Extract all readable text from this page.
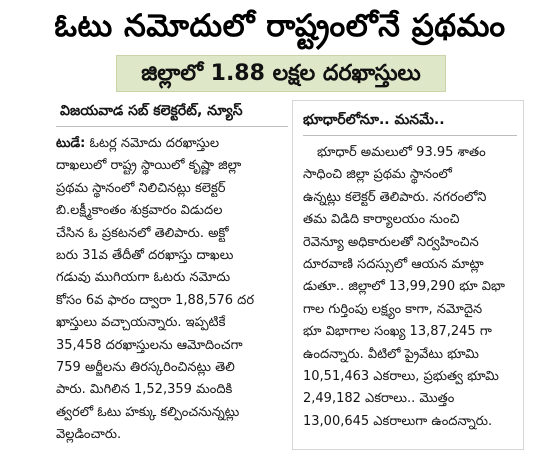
ఓటు నమోదులో రాష్ట్రంలోనే ప్రథమం
జిల్లాలో 1.88 లక్షల దరఖాస్తులు
విజయవాడ సబ్ కలెక్టరేట్, న్యూస్
టుడే: ఓటర్ల నమోదు దరఖాస్తుల
దాఖలులో రాష్ట్ర స్థాయిలో కృష్ణా జిల్లా
ప్రథమ స్థానంలో నిలిచినట్లు కలెక్టర్
బి.లక్ష్మీకాంతం శుక్రవారం విడుదల
చేసిన ఓ ప్రకటనలో తెలిపారు. అక్టో
బరు 31వ తేదీతో దరఖాస్తు దాఖలు
గడువు ముగియగా ఓటరు నమోదు
కోసం 6వ ఫారం ద్వారా 1,88,576 దర
ఖాస్తులు వచ్చాయన్నారు. ఇప్పటికే
35,458 దరఖాస్తులను ఆమోదించగా
759 అర్జీలను తిరస్కరించినట్లు తెలి
పారు. మిగిలిన 1,52,359 మందికి
త్వరలో ఓటు హక్కు కల్పించనున్నట్లు
వెల్లడించారు.
భూధార్‌లోనూ.. మనమే..
భూధార్ అమలులో 93.95 శాతం
సాధించి జిల్లా ప్రథమ స్థానంలో
ఉన్నట్లు కలెక్టర్ తెలిపారు. నగరంలోని
తమ విడిది కార్యాలయం నుంచి
రెవెన్యూ అధికారులతో నిర్వహించిన
దూరవాణి సదస్సులో ఆయన మాట్లా
డుతూ.. జిల్లాలో 13,99,290 భూ విభా
గాల గుర్తింపు లక్ష్యం కాగా, నమోదైన
భూ విభాగాల సంఖ్య 13,87,245 గా
ఉందన్నారు. వీటిలో ప్రైవేటు భూమి
10,51,463 ఎకరాలు, ప్రభుత్వ భూమి
2,49,182 ఎకరాలు.. మొత్తం
13,00,645 ఎకరాలుగా ఉందన్నారు.
